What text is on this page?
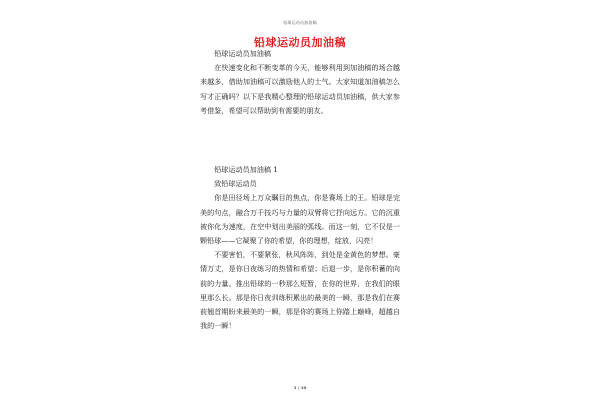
铅球运动员加油稿
铅球运动员加油稿
铅球运动员加油稿

在快速变化和不断变革的今天，能够利用到加油稿的场合越来越多，借助加油稿可以激励他人的士气。大家知道加油稿怎么写才正确吗？以下是我精心整理的铅球运动员加油稿，供大家参考借鉴，希望可以帮助到有需要的朋友。

铅球运动员加油稿 1
致铅球运动员

你是田径场上万众瞩目的焦点，你是赛场上的王。铅球是完美的句点，融合万千技巧与力量的双臂将它抒向远方。它的沉重被你化为速度，在空中划出美丽的弧线。而这一刻，它不仅是一颗铅球——它凝聚了你的希望，你的理想，绽放，闪亮！

不要害怕，不要紧张，秋风阵阵，到处是金黄色的梦想。豪情万丈，是你日夜练习的热情和希望；后退一步，是你积蓄的向前的力量。推出铅球的一秒那么短暂，在你的世界，在我们的眼里那么长。那是你日夜训练积累出的最美的一瞬，那是我们在赛前翘首期盼来最美的一瞬，那是你的赛场上你踏上巅峰，超越自我的一瞬！

1 / 10
